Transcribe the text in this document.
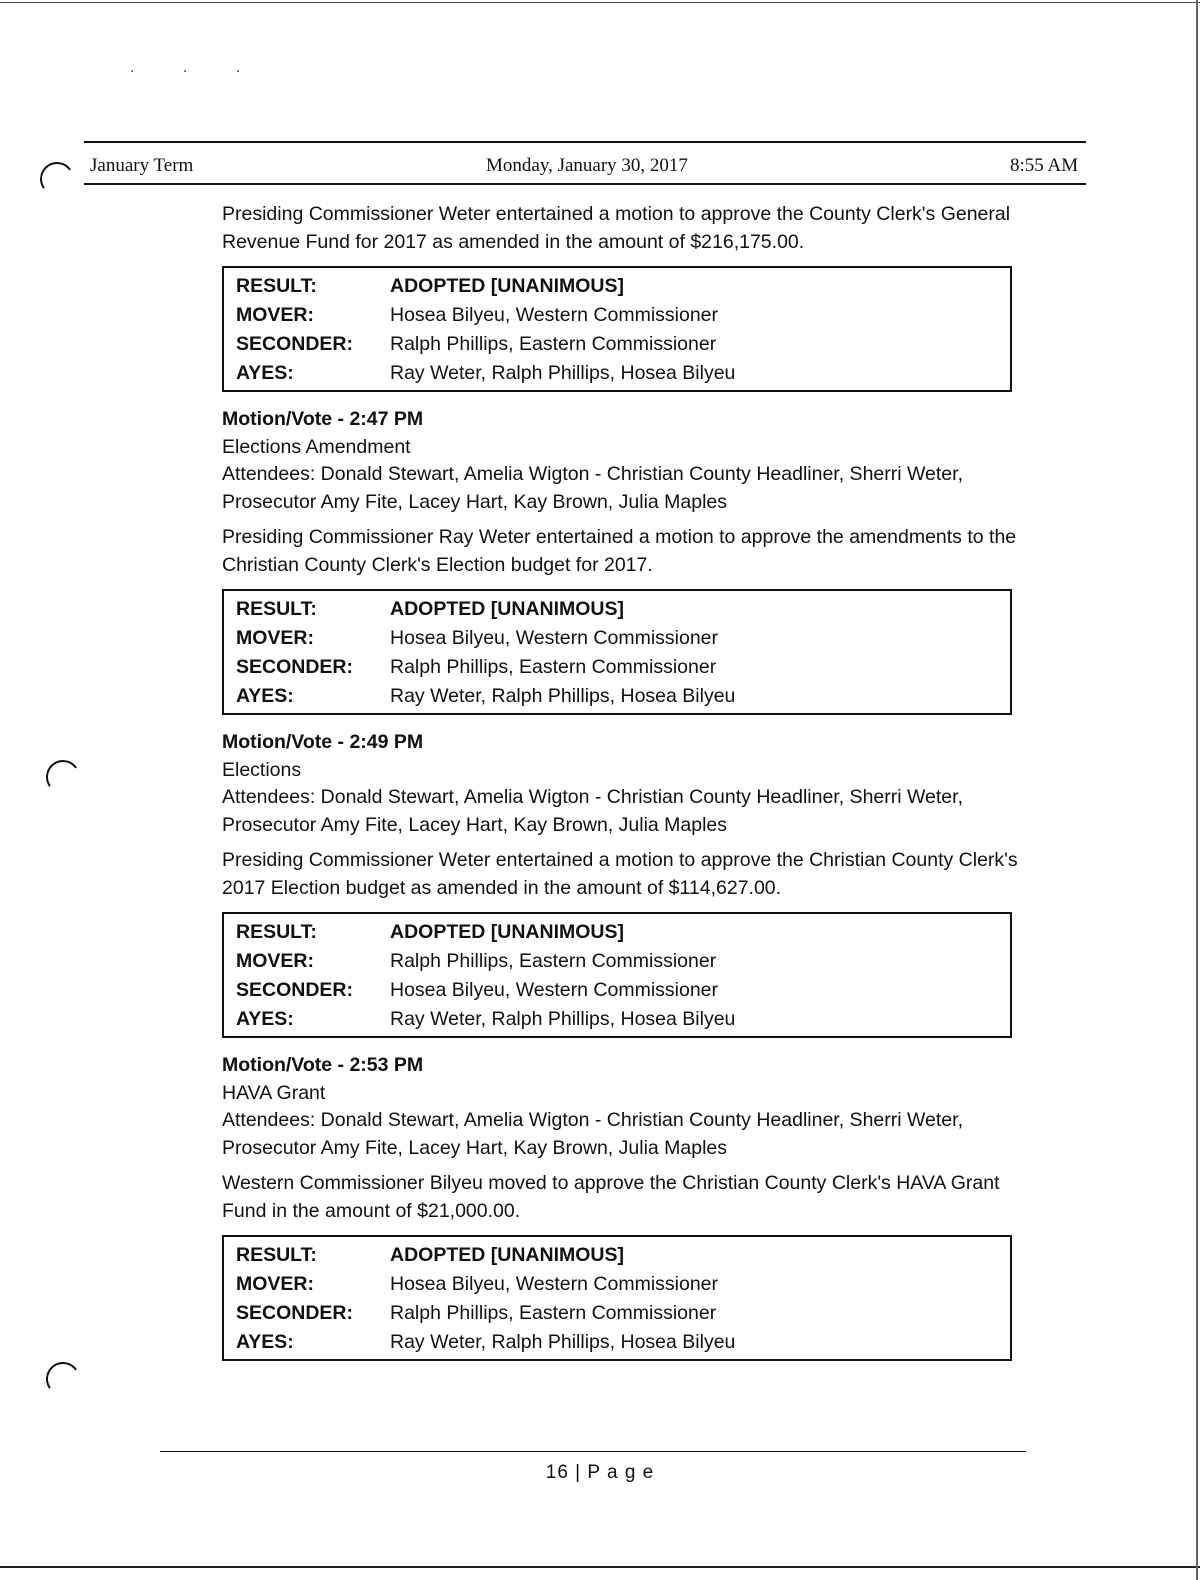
· · ·
January Term	Monday, January 30, 2017	8:55 AM

Presiding Commissioner Weter entertained a motion to approve the County Clerk's General Revenue Fund for 2017 as amended in the amount of $216,175.00.

RESULT:	ADOPTED [UNANIMOUS]
MOVER:	Hosea Bilyeu, Western Commissioner
SECONDER:	Ralph Phillips, Eastern Commissioner
AYES:	Ray Weter, Ralph Phillips, Hosea Bilyeu

Motion/Vote - 2:47 PM

Elections Amendment

Attendees: Donald Stewart, Amelia Wigton - Christian County Headliner, Sherri Weter, Prosecutor Amy Fite, Lacey Hart, Kay Brown, Julia Maples

Presiding Commissioner Ray Weter entertained a motion to approve the amendments to the Christian County Clerk's Election budget for 2017.

RESULT:	ADOPTED [UNANIMOUS]
MOVER:	Hosea Bilyeu, Western Commissioner
SECONDER:	Ralph Phillips, Eastern Commissioner
AYES:	Ray Weter, Ralph Phillips, Hosea Bilyeu

Motion/Vote - 2:49 PM

Elections

Attendees: Donald Stewart, Amelia Wigton - Christian County Headliner, Sherri Weter, Prosecutor Amy Fite, Lacey Hart, Kay Brown, Julia Maples

Presiding Commissioner Weter entertained a motion to approve the Christian County Clerk's 2017 Election budget as amended in the amount of $114,627.00.

RESULT:	ADOPTED [UNANIMOUS]
MOVER:	Ralph Phillips, Eastern Commissioner
SECONDER:	Hosea Bilyeu, Western Commissioner
AYES:	Ray Weter, Ralph Phillips, Hosea Bilyeu

Motion/Vote - 2:53 PM

HAVA Grant

Attendees: Donald Stewart, Amelia Wigton - Christian County Headliner, Sherri Weter, Prosecutor Amy Fite, Lacey Hart, Kay Brown, Julia Maples

Western Commissioner Bilyeu moved to approve the Christian County Clerk's HAVA Grant Fund in the amount of $21,000.00.

RESULT:	ADOPTED [UNANIMOUS]
MOVER:	Hosea Bilyeu, Western Commissioner
SECONDER:	Ralph Phillips, Eastern Commissioner
AYES:	Ray Weter, Ralph Phillips, Hosea Bilyeu
16 | P a g e
